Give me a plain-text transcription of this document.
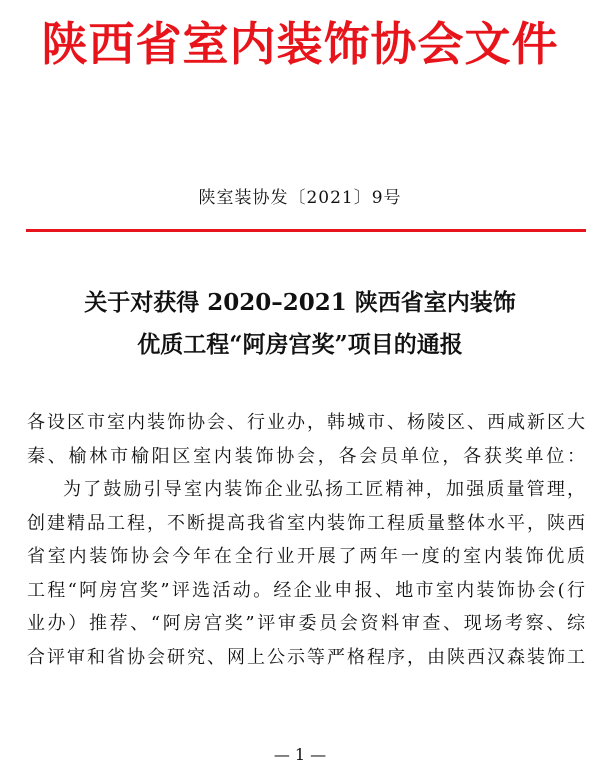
陕西省室内装饰协会文件
陕室装协发〔2021〕9号
关于对获得 2020–2021 陕西省室内装饰
优质工程“阿房宫奖”项目的通报
各设区市室内装饰协会、行业办，韩城市、杨陵区、西咸新区大
秦、榆林市榆阳区室内装饰协会，各会员单位，各获奖单位：
为了鼓励引导室内装饰企业弘扬工匠精神，加强质量管理，
创建精品工程，不断提高我省室内装饰工程质量整体水平，陕西
省室内装饰协会今年在全行业开展了两年一度的室内装饰优质
工程“阿房宫奖”评选活动。经企业申报、地市室内装饰协会(行
业办）推荐、“阿房宫奖”评审委员会资料审查、现场考察、综
合评审和省协会研究、网上公示等严格程序，由陕西汉森装饰工
— 1 —
